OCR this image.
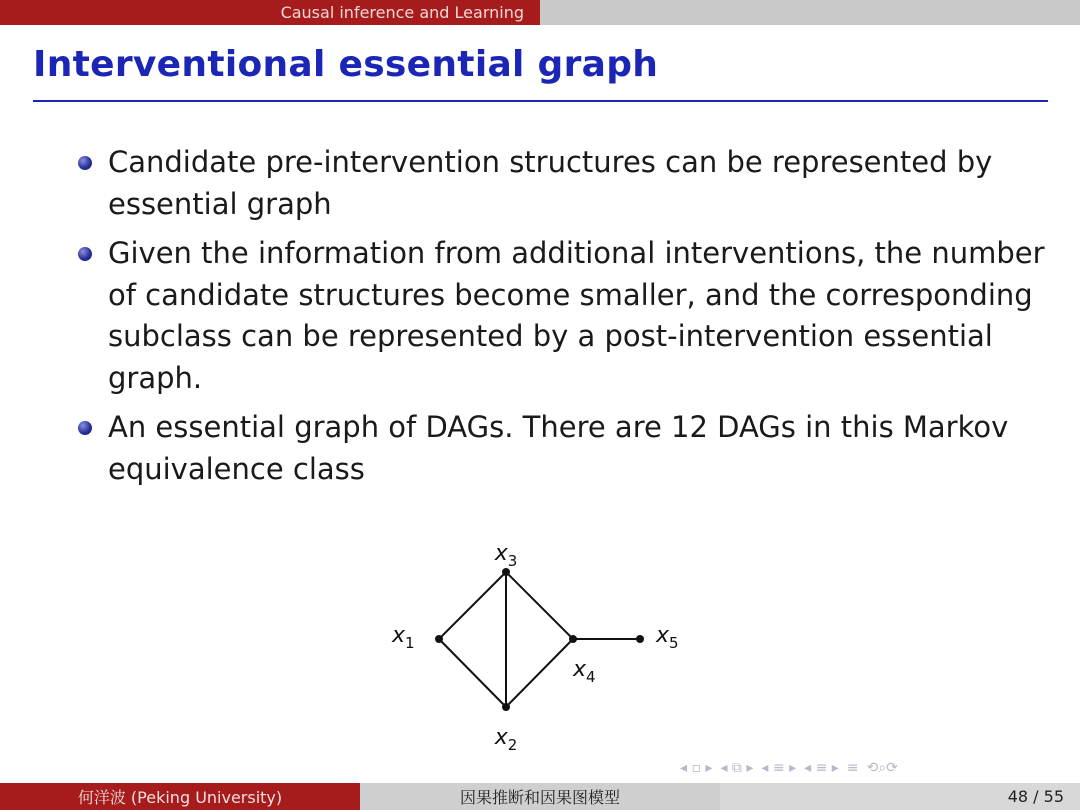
Causal inference and Learning
Interventional essential graph
Candidate pre-intervention structures can be represented by essential graph
Given the information from additional interventions, the number of candidate structures become smaller, and the corresponding subclass can be represented by a post-intervention essential graph.
An essential graph of DAGs. There are 12 DAGs in this Markov equivalence class
$x_1$
$x_2$
$x_3$
$x_4$
$x_5$
◂ ▫ ▸ ◂ ⧉ ▸ ◂ ≡ ▸ ◂ ≡ ▸ ≡ ⟲⌕⟳
何洋波 (Peking University)	因果推断和因果图模型	48 / 55
